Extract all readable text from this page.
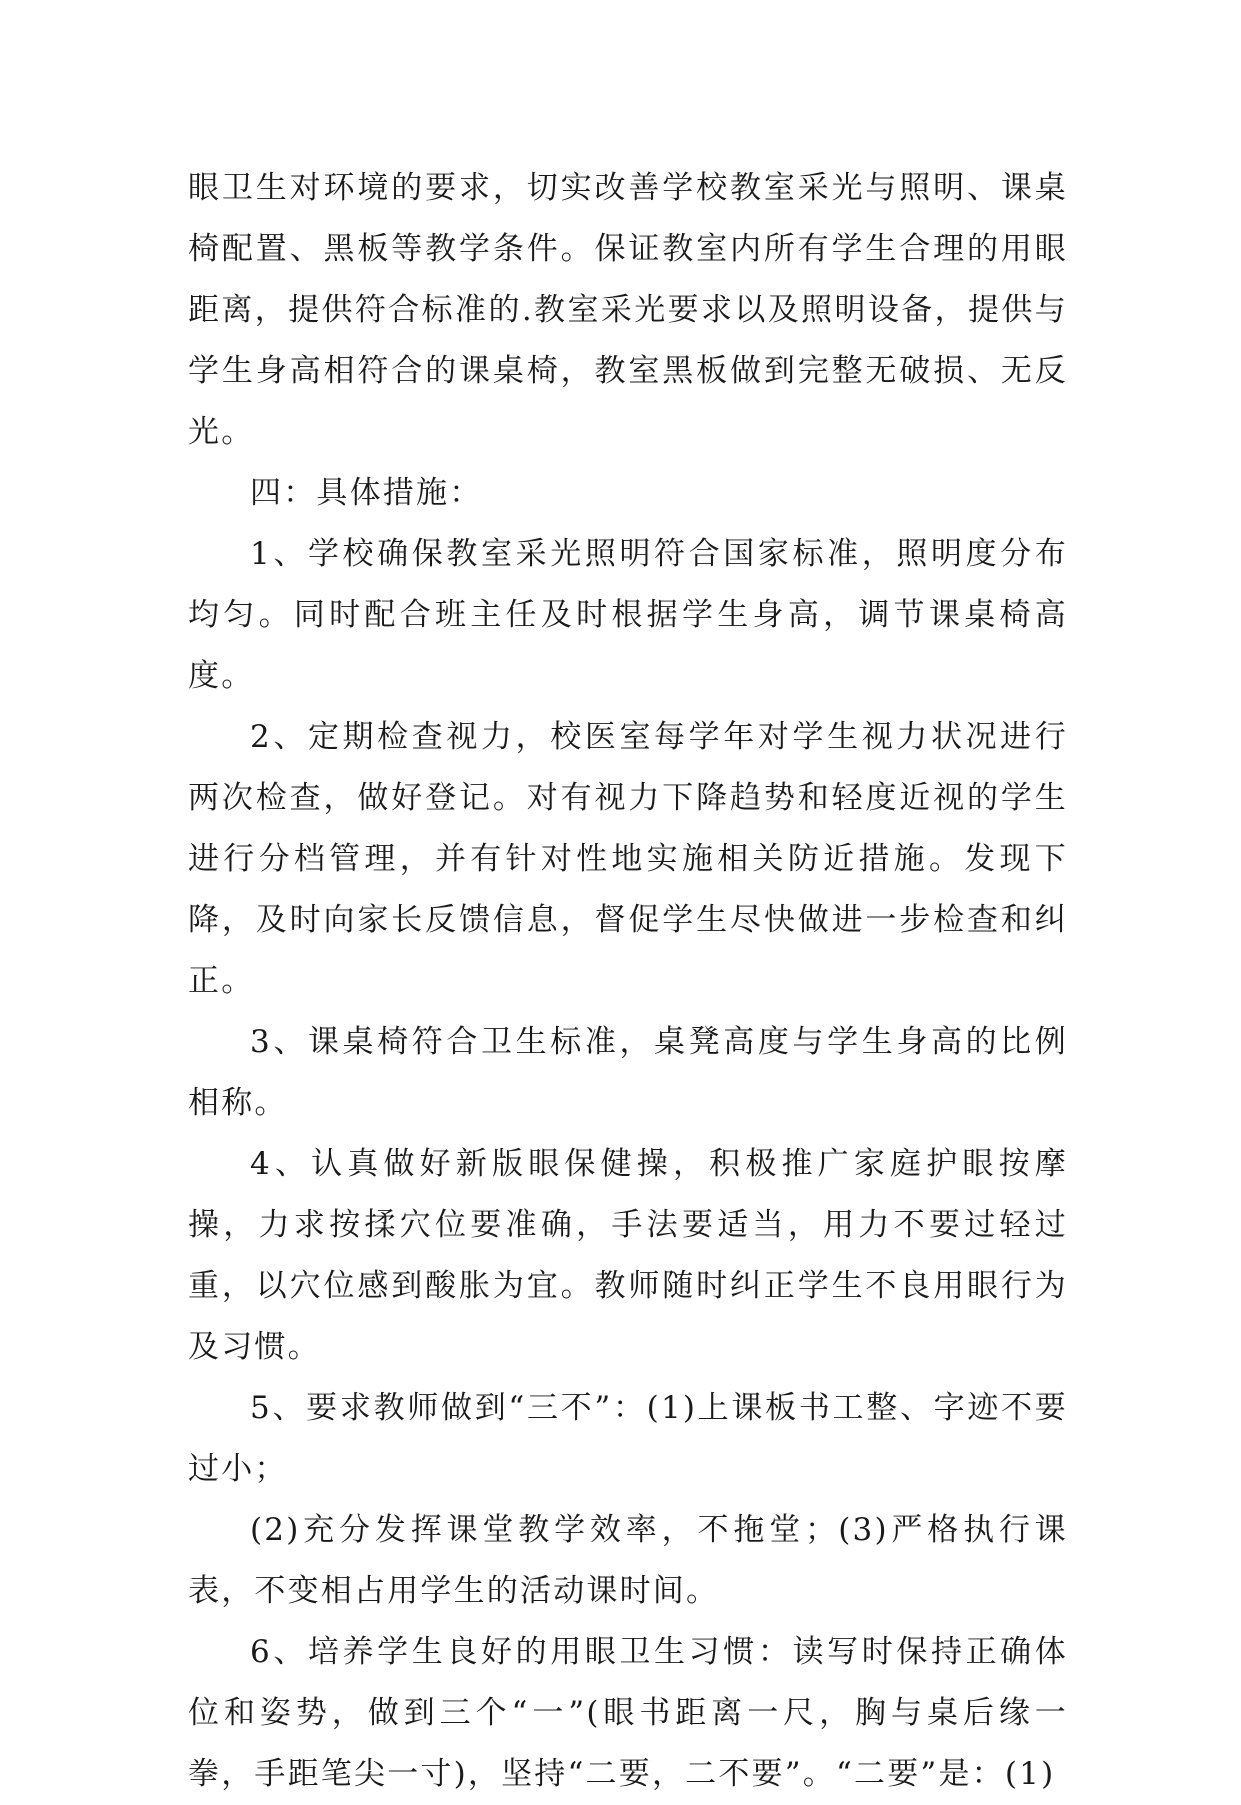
眼卫生对环境的要求，切实改善学校教室采光与照明、课桌椅配置、黑板等教学条件。保证教室内所有学生合理的用眼距离，提供符合标准的.教室采光要求以及照明设备，提供与学生身高相符合的课桌椅，教室黑板做到完整无破损、无反光。

四：具体措施：

1、学校确保教室采光照明符合国家标准，照明度分布均匀。同时配合班主任及时根据学生身高，调节课桌椅高度。

2、定期检查视力，校医室每学年对学生视力状况进行两次检查，做好登记。对有视力下降趋势和轻度近视的学生进行分档管理，并有针对性地实施相关防近措施。发现下降，及时向家长反馈信息，督促学生尽快做进一步检查和纠正。

3、课桌椅符合卫生标准，桌凳高度与学生身高的比例相称。

4、认真做好新版眼保健操，积极推广家庭护眼按摩操，力求按揉穴位要准确，手法要适当，用力不要过轻过重，以穴位感到酸胀为宜。教师随时纠正学生不良用眼行为及习惯。

5、要求教师做到“三不”：(1)上课板书工整、字迹不要过小；

(2)充分发挥课堂教学效率，不拖堂；(3)严格执行课表，不变相占用学生的活动课时间。

6、培养学生良好的用眼卫生习惯：读写时保持正确体位和姿势，做到三个“一”(眼书距离一尺，胸与桌后缘一拳，手距笔尖一寸)，坚持“二要，二不要”。“二要”是：(1)
